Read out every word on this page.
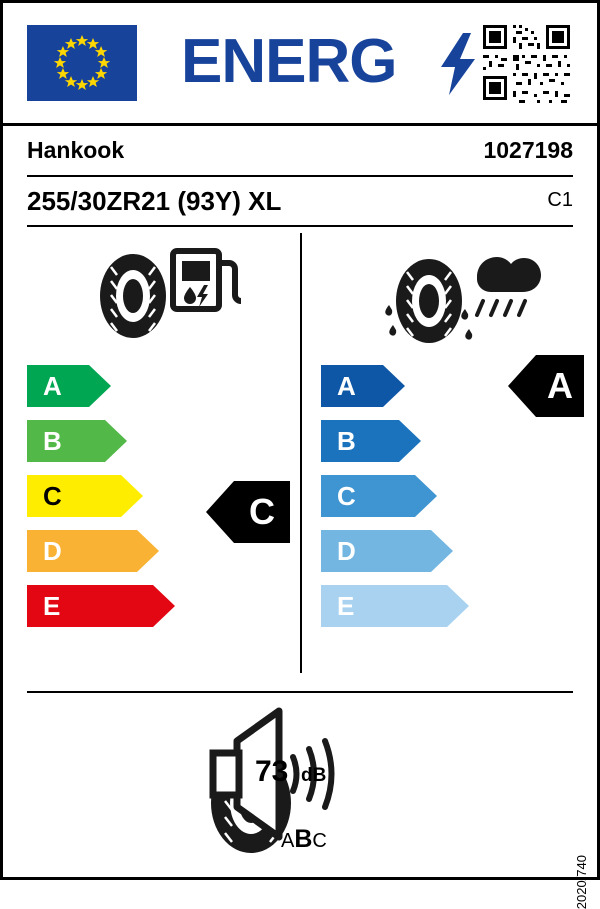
ENERG
Hankook	1027198
255/30ZR21 (93Y) XL	C1
A
B
C
D
E
C
A
B
C
D
E
A
73 dB
ABC
2020/740
